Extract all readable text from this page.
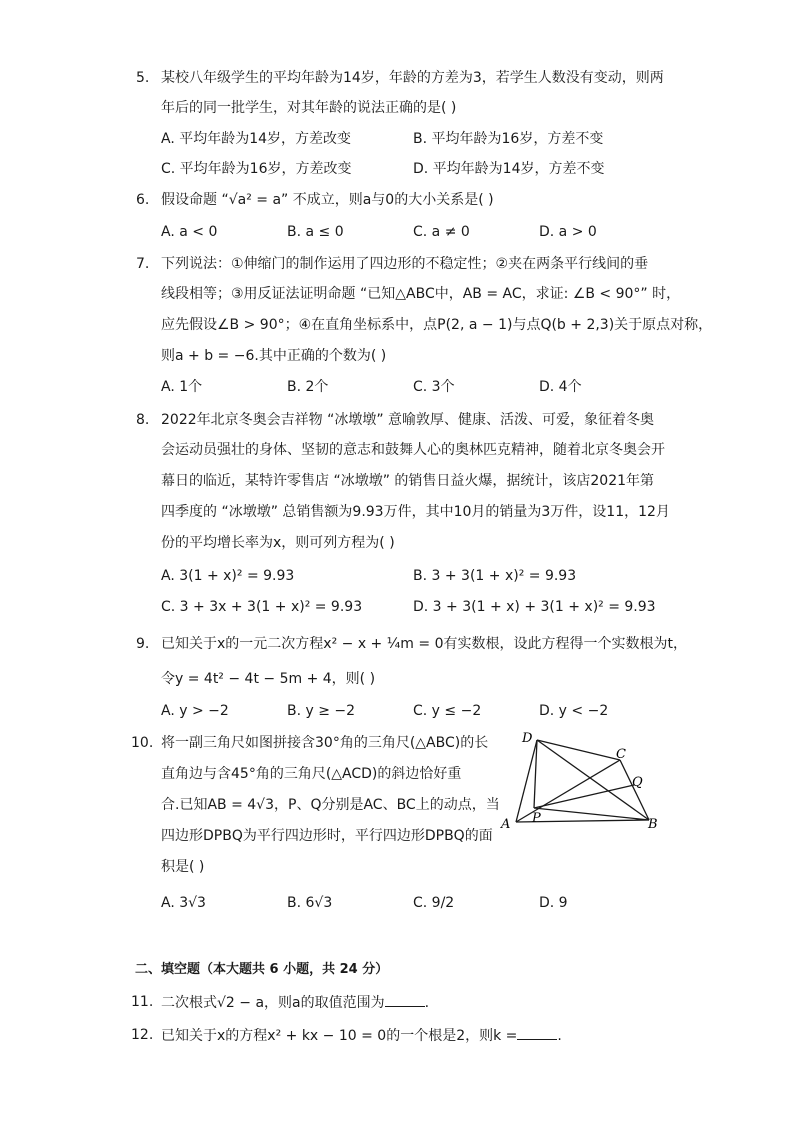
5. 某校八年级学生的平均年龄为14岁，年龄的方差为3，若学生人数没有变动，则两
年后的同一批学生，对其年龄的说法正确的是( )
A. 平均年龄为14岁，方差改变	B. 平均年龄为16岁，方差不变
C. 平均年龄为16岁，方差改变	D. 平均年龄为14岁，方差不变
6. 假设命题 “√a² = a” 不成立，则a与0的大小关系是( )
A. a < 0	B. a ≤ 0	C. a ≠ 0	D. a > 0
7. 下列说法：①伸缩门的制作运用了四边形的不稳定性；②夹在两条平行线间的垂
线段相等；③用反证法证明命题 “已知△ABC中，AB = AC，求证: ∠B < 90°” 时，
应先假设∠B > 90°；④在直角坐标系中，点P(2, a − 1)与点Q(b + 2,3)关于原点对称，
则a + b = −6.其中正确的个数为( )
A. 1个	B. 2个	C. 3个	D. 4个
8. 2022年北京冬奥会吉祥物 “冰墩墩” 意喻敦厚、健康、活泼、可爱，象征着冬奥
会运动员强壮的身体、坚韧的意志和鼓舞人心的奥林匹克精神，随着北京冬奥会开
幕日的临近，某特许零售店 “冰墩墩” 的销售日益火爆，据统计，该店2021年第
四季度的 “冰墩墩” 总销售额为9.93万件，其中10月的销量为3万件，设11，12月
份的平均增长率为x，则可列方程为( )
A. 3(1 + x)² = 9.93	B. 3 + 3(1 + x)² = 9.93
C. 3 + 3x + 3(1 + x)² = 9.93	D. 3 + 3(1 + x) + 3(1 + x)² = 9.93
9. 已知关于x的一元二次方程x² − x + ¼m = 0有实数根，设此方程得一个实数根为t，
令y = 4t² − 4t − 5m + 4，则( )
A. y > −2	B. y ≥ −2	C. y ≤ −2	D. y < −2
10. 将一副三角尺如图拼接含30°角的三角尺(△ABC)的长
直角边与含45°角的三角尺(△ACD)的斜边恰好重
合.已知AB = 4√3，P、Q分别是AC、BC上的动点，当
四边形DPBQ为平行四边形时，平行四边形DPBQ的面
积是( )
D
C
Q
A P	B
A. 3√3	B. 6√3	C. 9/2	D. 9
二、填空题（本大题共 6 小题，共 24 分）
11. 二次根式√2 − a，则a的取值范围为	.
12. 已知关于x的方程x² + kx − 10 = 0的一个根是2，则k =	.
